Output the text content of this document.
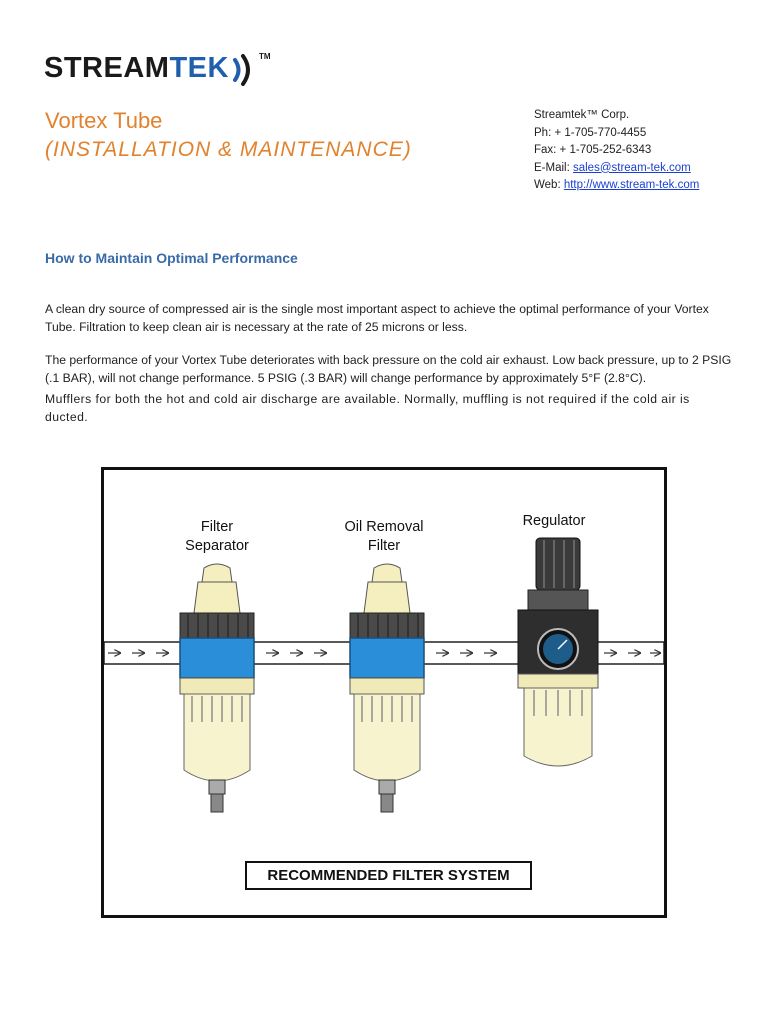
STREAMTEK	TM
Vortex Tube
(INSTALLATION & MAINTENANCE)
Streamtek™ Corp.
Ph: + 1-705-770-4455
Fax: + 1-705-252-6343
E-Mail: sales@stream-tek.com
Web: http://www.stream-tek.com
How to Maintain Optimal Performance
A clean dry source of compressed air is the single most important aspect to achieve the optimal performance of your Vortex Tube. Filtration to keep clean air is necessary at the rate of 25 microns or less.
The performance of your Vortex Tube deteriorates with back pressure on the cold air exhaust. Low back pressure, up to 2 PSIG (.1 BAR), will not change performance. 5 PSIG (.3 BAR) will change performance by approximately 5°F (2.8°C).
Mufflers for both the hot and cold air discharge are available. Normally, muffling is not required if the cold air is ducted.
Filter
Separator
Oil Removal
Filter
Regulator
RECOMMENDED FILTER SYSTEM
